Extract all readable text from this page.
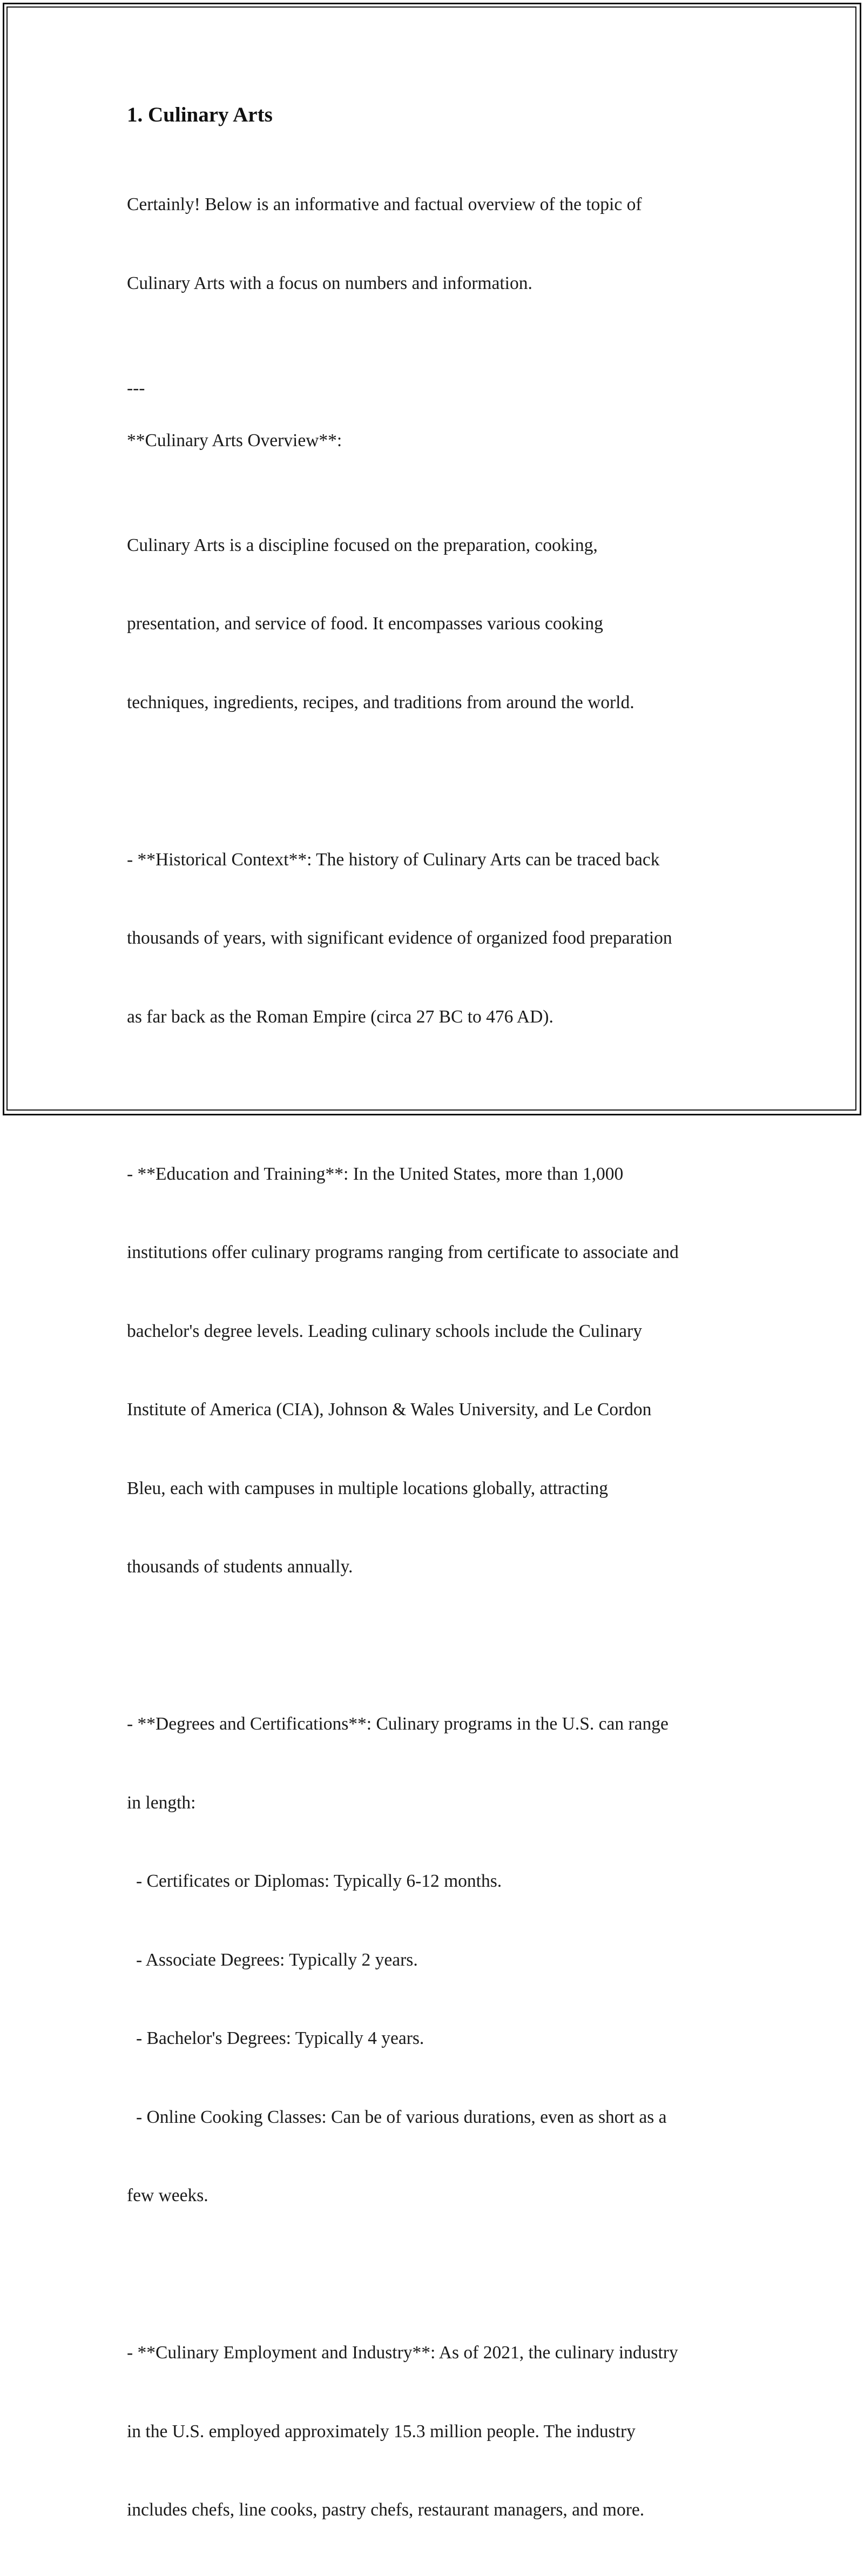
1. Culinary Arts

Certainly! Below is an informative and factual overview of the topic of

Culinary Arts with a focus on numbers and information.

---

**Culinary Arts Overview**:

Culinary Arts is a discipline focused on the preparation, cooking,

presentation, and service of food. It encompasses various cooking

techniques, ingredients, recipes, and traditions from around the world.

- **Historical Context**: The history of Culinary Arts can be traced back

thousands of years, with significant evidence of organized food preparation

as far back as the Roman Empire (circa 27 BC to 476 AD).

- **Education and Training**: In the United States, more than 1,000

institutions offer culinary programs ranging from certificate to associate and

bachelor's degree levels. Leading culinary schools include the Culinary

Institute of America (CIA), Johnson & Wales University, and Le Cordon

Bleu, each with campuses in multiple locations globally, attracting

thousands of students annually.

- **Degrees and Certifications**: Culinary programs in the U.S. can range

in length:

- Certificates or Diplomas: Typically 6-12 months.

- Associate Degrees: Typically 2 years.

- Bachelor's Degrees: Typically 4 years.

- Online Cooking Classes: Can be of various durations, even as short as a

few weeks.

- **Culinary Employment and Industry**: As of 2021, the culinary industry

in the U.S. employed approximately 15.3 million people. The industry

includes chefs, line cooks, pastry chefs, restaurant managers, and more.
